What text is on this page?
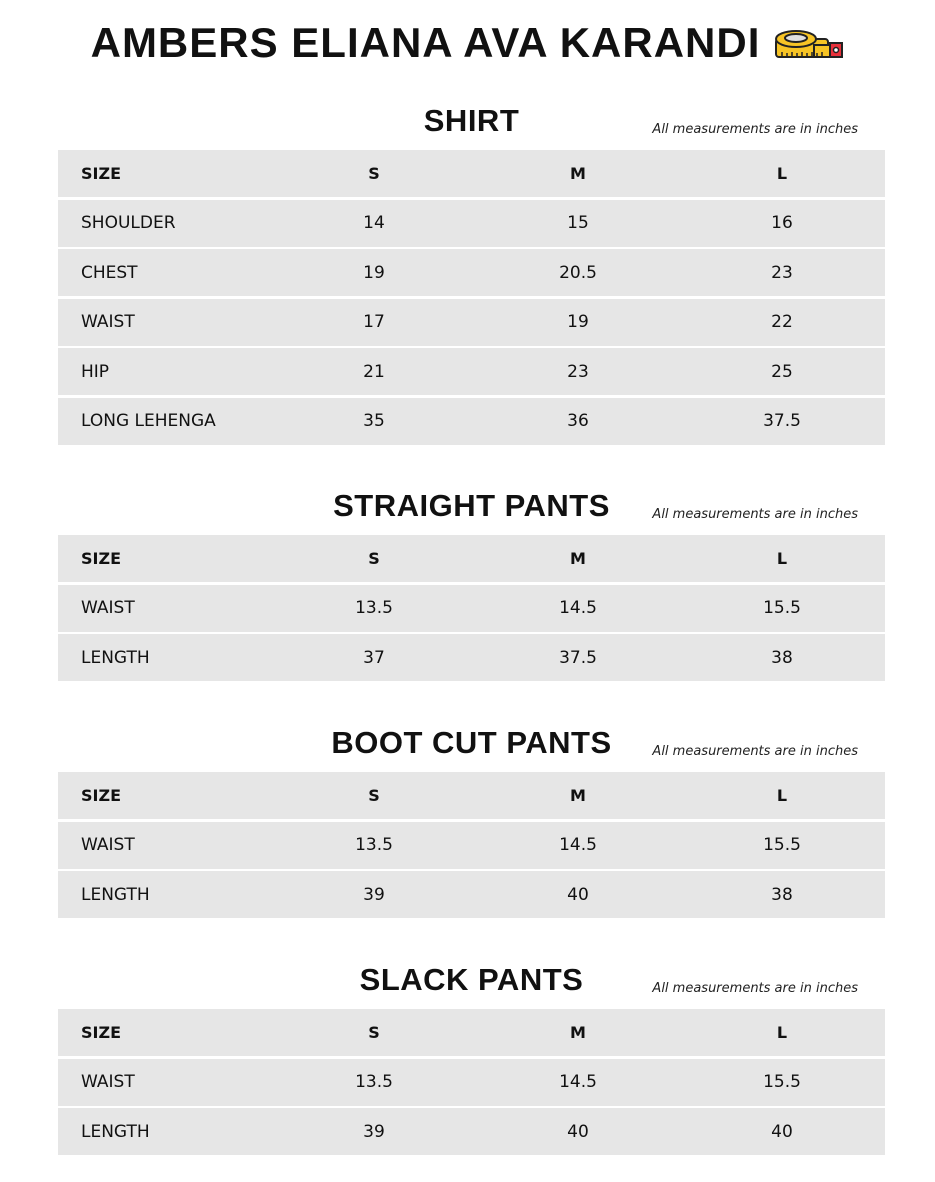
AMBERS ELIANA AVA KARANDI
SHIRT	All measurements are in inches
SIZE	S	M	L
SHOULDER	14	15	16
CHEST	19	20.5	23
WAIST	17	19	22
HIP	21	23	25
LONG LEHENGA	35	36	37.5
STRAIGHT PANTS	All measurements are in inches
SIZE	S	M	L
WAIST	13.5	14.5	15.5
LENGTH	37	37.5	38
BOOT CUT PANTS	All measurements are in inches
SIZE	S	M	L
WAIST	13.5	14.5	15.5
LENGTH	39	40	38
SLACK PANTS	All measurements are in inches
SIZE	S	M	L
WAIST	13.5	14.5	15.5
LENGTH	39	40	40
